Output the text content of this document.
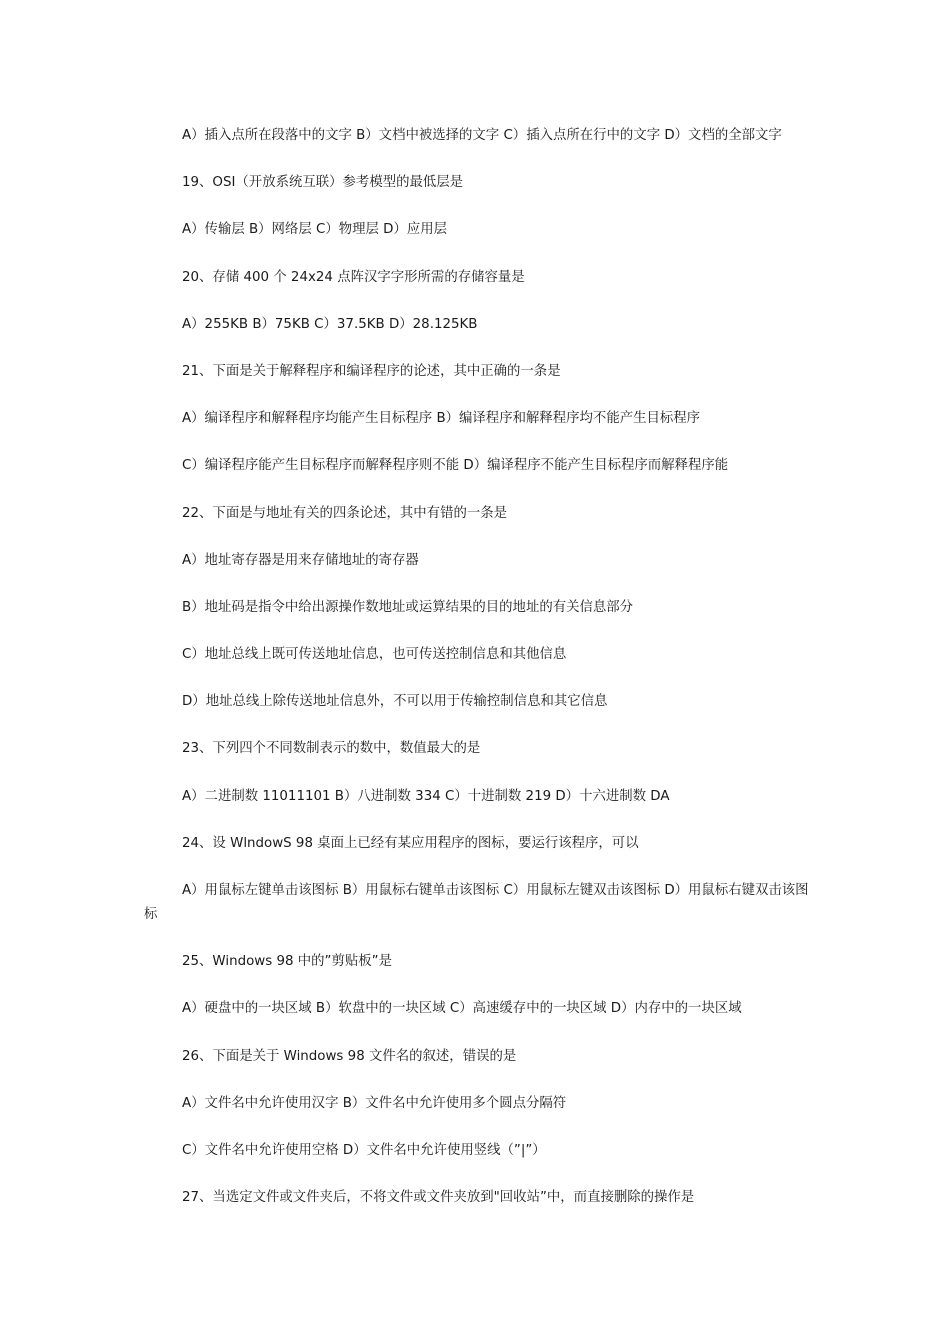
A）插入点所在段落中的文字 B）文档中被选择的文字 C）插入点所在行中的文字 D）文档的全部文字

19、OSI（开放系统互联）参考模型的最低层是

A）传输层 B）网络层 C）物理层 D）应用层

20、存储 400 个 24x24 点阵汉字字形所需的存储容量是

A）255KB B）75KB C）37.5KB D）28.125KB

21、下面是关于解释程序和编译程序的论述，其中正确的一条是

A）编译程序和解释程序均能产生目标程序 B）编译程序和解释程序均不能产生目标程序

C）编译程序能产生目标程序而解释程序则不能 D）编译程序不能产生目标程序而解释程序能

22、下面是与地址有关的四条论述，其中有错的一条是

A）地址寄存器是用来存储地址的寄存器

B）地址码是指令中给出源操作数地址或运算结果的目的地址的有关信息部分

C）地址总线上既可传送地址信息，也可传送控制信息和其他信息

D）地址总线上除传送地址信息外，不可以用于传输控制信息和其它信息

23、下列四个不同数制表示的数中，数值最大的是

A）二进制数 11011101 B）八进制数 334 C）十进制数 219 D）十六进制数 DA

24、设 WlndowS 98 桌面上已经有某应用程序的图标，要运行该程序，可以

A）用鼠标左键单击该图标 B）用鼠标右键单击该图标 C）用鼠标左键双击该图标 D）用鼠标右键双击该图标

25、Windows 98 中的”剪贴板”是

A）硬盘中的一块区域 B）软盘中的一块区域 C）高速缓存中的一块区域 D）内存中的一块区域

26、下面是关于 Windows 98 文件名的叙述，错误的是

A）文件名中允许使用汉字 B）文件名中允许使用多个圆点分隔符

C）文件名中允许使用空格 D）文件名中允许使用竖线（”|”）

27、当选定文件或文件夹后，不将文件或文件夹放到"回收站”中，而直接删除的操作是
